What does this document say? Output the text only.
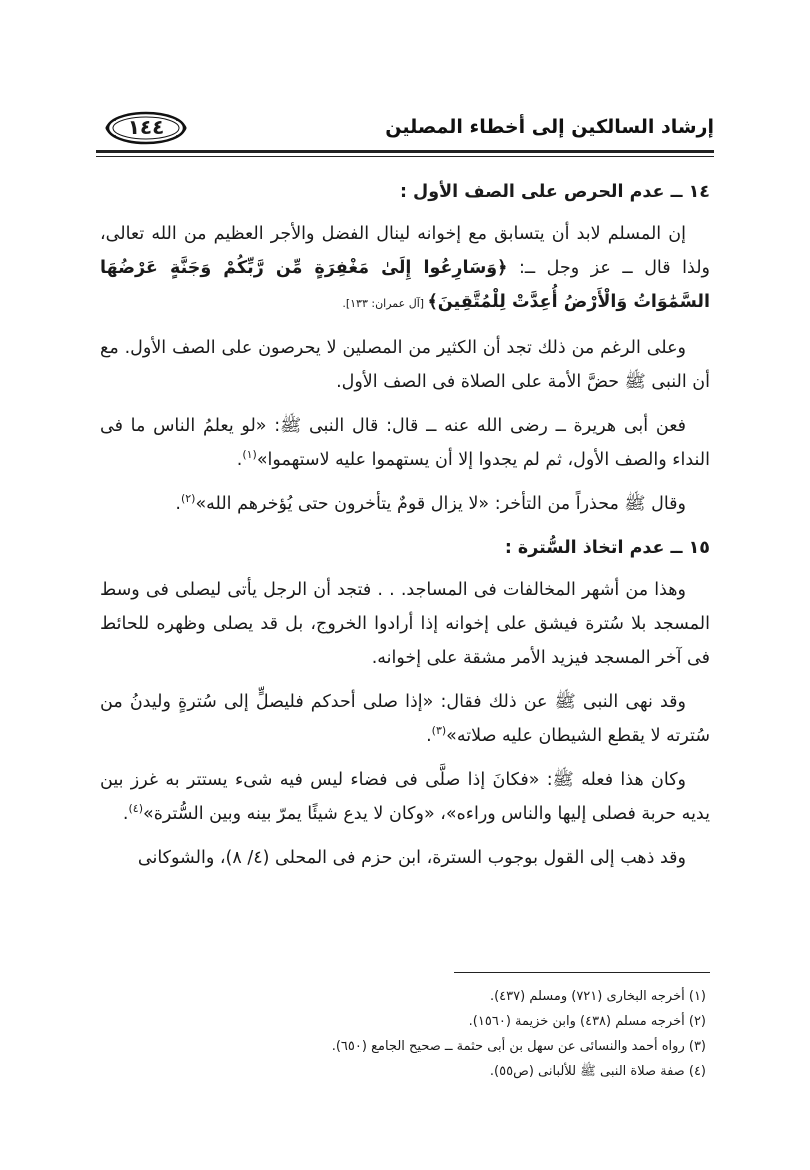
إرشاد السالكين إلى أخطاء المصلين
١٤٤

١٤ ــ عدم الحرص على الصف الأول :

إن المسلم لابد أن يتسابق مع إخوانه لينال الفضل والأجر العظيم من الله تعالى، ولذا قال ــ عز وجل ــ: ﴿وَسَارِعُوا إِلَىٰ مَغْفِرَةٍ مِّن رَّبِّكُمْ وَجَنَّةٍ عَرْضُهَا السَّمَٰوَاتُ وَالْأَرْضُ أُعِدَّتْ لِلْمُتَّقِينَ﴾ [آل عمران: ١٣٣].

وعلى الرغم من ذلك تجد أن الكثير من المصلين لا يحرصون على الصف الأول. مع أن النبى ﷺ حضَّ الأمة على الصلاة فى الصف الأول.

فعن أبى هريرة ــ رضى الله عنه ــ قال: قال النبى ﷺ: «لو يعلمُ الناس ما فى النداء والصف الأول، ثم لم يجدوا إلا أن يستهموا عليه لاستهموا»$^{(١)}$.

وقال ﷺ محذراً من التأخر: «لا يزال قومٌ يتأخرون حتى يُؤخرهم الله»$^{(٢)}$.

١٥ ــ عدم اتخاذ السُّترة :

وهذا من أشهر المخالفات فى المساجد. . . فتجد أن الرجل يأتى ليصلى فى وسط المسجد بلا سُترة فيشق على إخوانه إذا أرادوا الخروج، بل قد يصلى وظهره للحائط فى آخر المسجد فيزيد الأمر مشقة على إخوانه.

وقد نهى النبى ﷺ عن ذلك فقال: «إذا صلى أحدكم فليصلٍّ إلى سُترةٍ وليدنُ من سُترته لا يقطع الشيطان عليه صلاته»$^{(٣)}$.

وكان هذا فعله ﷺ: «فكانَ إذا صلَّى فى فضاء ليس فيه شىء يستتر به غرز بين يديه حربة فصلى إليها والناس وراءه»، «وكان لا يدع شيئًا يمرّ بينه وبين السُّترة»$^{(٤)}$.

وقد ذهب إلى القول بوجوب السترة، ابن حزم فى المحلى (٤/ ٨)، والشوكانى

(١) أخرجه البخارى (٧٢١) ومسلم (٤٣٧).

(٢) أخرجه مسلم (٤٣٨) وابن خزيمة (١٥٦٠).

(٣) رواه أحمد والنسائى عن سهل بن أبى حثمة ــ صحيح الجامع (٦٥٠).

(٤) صفة صلاة النبى ﷺ للألبانى (ص٥٥).
